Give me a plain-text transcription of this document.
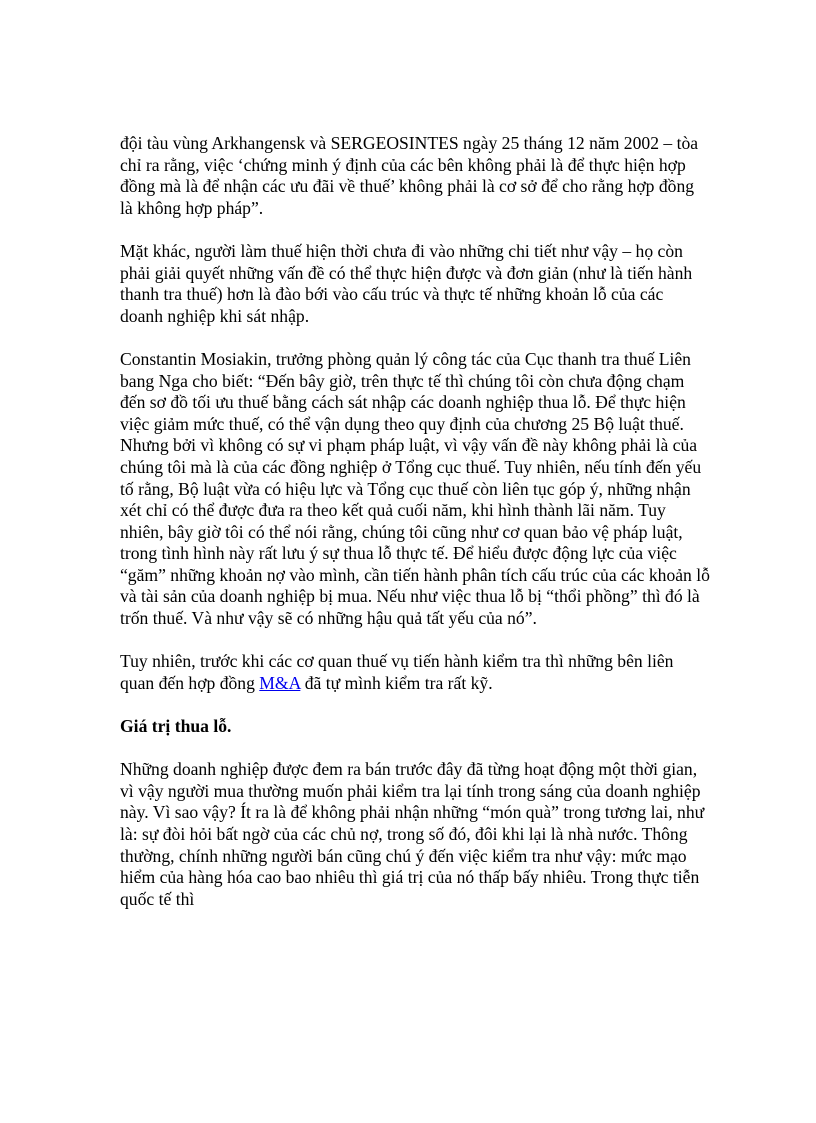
đội tàu vùng Arkhangensk và SERGEOSINTES ngày 25 tháng 12 năm 2002 – tòa chỉ ra rằng, việc ‘chứng minh ý định của các bên không phải là để thực hiện hợp đồng mà là để nhận các ưu đãi về thuế’ không phải là cơ sở để cho rằng hợp đồng là không hợp pháp”.

Mặt khác, người làm thuế hiện thời chưa đi vào những chi tiết như vậy – họ còn phải giải quyết những vấn đề có thể thực hiện được và đơn giản (như là tiến hành thanh tra thuế) hơn là đào bới vào cấu trúc và thực tế những khoản lỗ của các doanh nghiệp khi sát nhập.

Constantin Mosiakin, trưởng phòng quản lý công tác của Cục thanh tra thuế Liên bang Nga cho biết: “Đến bây giờ, trên thực tế thì chúng tôi còn chưa động chạm đến sơ đồ tối ưu thuế bằng cách sát nhập các doanh nghiệp thua lỗ. Để thực hiện việc giảm mức thuế, có thể vận dụng theo quy định của chương 25 Bộ luật thuế. Nhưng bởi vì không có sự vi phạm pháp luật, vì vậy vấn đề này không phải là của chúng tôi mà là của các đồng nghiệp ở Tổng cục thuế. Tuy nhiên, nếu tính đến yếu tố rằng, Bộ luật vừa có hiệu lực và Tổng cục thuế còn liên tục góp ý, những nhận xét chỉ có thể được đưa ra theo kết quả cuối năm, khi hình thành lãi năm. Tuy nhiên, bây giờ tôi có thể nói rằng, chúng tôi cũng như cơ quan bảo vệ pháp luật, trong tình hình này rất lưu ý sự thua lỗ thực tế. Để hiểu được động lực của việc “găm” những khoản nợ vào mình, cần tiến hành phân tích cấu trúc của các khoản lỗ và tài sản của doanh nghiệp bị mua. Nếu như việc thua lỗ bị “thổi phồng” thì đó là trốn thuế. Và như vậy sẽ có những hậu quả tất yếu của nó”.

Tuy nhiên, trước khi các cơ quan thuế vụ tiến hành kiểm tra thì những bên liên quan đến hợp đồng M&A đã tự mình kiểm tra rất kỹ.

Giá trị thua lỗ.

Những doanh nghiệp được đem ra bán trước đây đã từng hoạt động một thời gian, vì vậy người mua thường muốn phải kiểm tra lại tính trong sáng của doanh nghiệp này. Vì sao vậy? Ít ra là để không phải nhận những “món quà” trong tương lai, như là: sự đòi hỏi bất ngờ của các chủ nợ, trong số đó, đôi khi lại là nhà nước. Thông thường, chính những người bán cũng chú ý đến việc kiểm tra như vậy: mức mạo hiểm của hàng hóa cao bao nhiêu thì giá trị của nó thấp bấy nhiêu. Trong thực tiễn quốc tế thì
